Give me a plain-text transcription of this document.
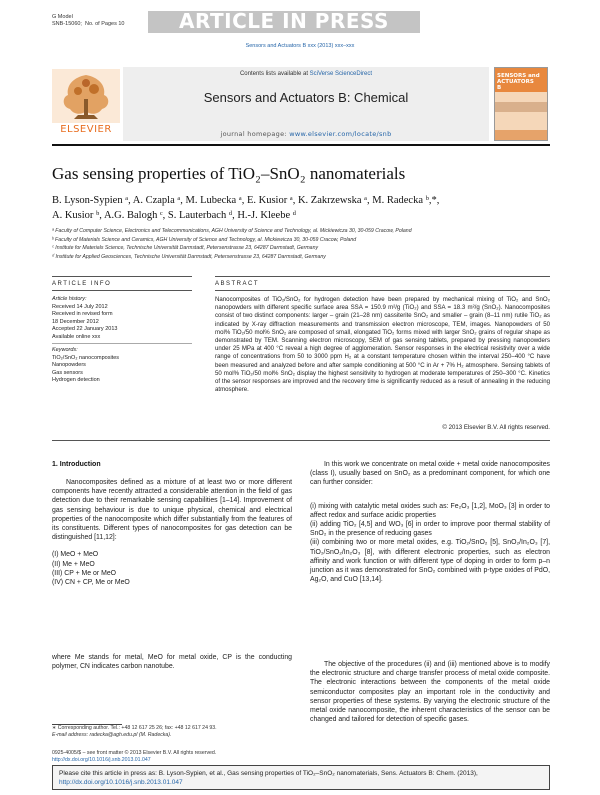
G Model
SNB-15060; No. of Pages 10	ARTICLE IN PRESS
Sensors and Actuators B xxx (2013) xxx–xxx
ELSEVIER
Contents lists available at SciVerse ScienceDirect
Sensors and Actuators B: Chemical
journal homepage: www.elsevier.com/locate/snb
SENSORS and
ACTUATORS
B
Gas sensing properties of TiO₂–SnO₂ nanomaterials
B. Lyson-Sypien ᵃ, A. Czapla ᵃ, M. Lubecka ᵃ, E. Kusior ᵃ, K. Zakrzewska ᵃ, M. Radecka ᵇ,*,
A. Kusior ᵇ, A.G. Balogh ᶜ, S. Lauterbach ᵈ, H.-J. Kleebe ᵈ
ᵃ Faculty of Computer Science, Electronics and Telecommunications, AGH University of Science and Technology, al. Mickiewicza 30, 30-059 Cracow, Poland
ᵇ Faculty of Materials Science and Ceramics, AGH University of Science and Technology, al. Mickiewicza 30, 30-059 Cracow, Poland
ᶜ Institute for Materials Science, Technische Universität Darmstadt, Petersenstrasse 23, 64287 Darmstadt, Germany
ᵈ Institute for Applied Geosciences, Technische Universität Darmstadt, Petersenstrasse 23, 64287 Darmstadt, Germany
ARTICLE INFO	ABSTRACT
Article history:
Received 14 July 2012
Received in revised form
18 December 2012
Accepted 22 January 2013
Available online xxx
Keywords:
TiO₂/SnO₂ nanocomposites
Nanopowders
Gas sensors
Hydrogen detection
Nanocomposites of TiO₂/SnO₂ for hydrogen detection have been prepared by mechanical mixing of TiO₂ and SnO₂ nanopowders with different specific surface area SSA = 150.9 m²/g (TiO₂) and SSA = 18.3 m²/g (SnO₂). Nanocomposites consist of two distinct components: larger – grain (21–28 nm) cassiterite SnO₂ and smaller – grain (8–11 nm) rutile TiO₂ as indicated by X-ray diffraction measurements and transmission electron microscope, TEM, images. Nanopowders of 50 mol% TiO₂/50 mol% SnO₂ are composed of small, elongated TiO₂ forms mixed with larger SnO₂ grains of regular shape as demonstrated by TEM. Scanning electron microscopy, SEM of gas sensing tablets, prepared by pressing nanopowders under 25 MPa at 400 °C reveal a high degree of agglomeration. Sensor responses in the electrical resistivity over a wide range of concentrations from 50 to 3000 ppm H₂ at a constant temperature chosen within the interval 250–400 °C have been measured and analyzed before and after sample conditioning at 500 °C in Ar + 7% H₂ atmosphere. Sensing tablets of 50 mol% TiO₂/50 mol% SnO₂ display the highest sensitivity to hydrogen at moderate temperatures of 250–300 °C. Kinetics of the sensor responses are improved and the recovery time is significantly reduced as a result of annealing in the reducing atmosphere.
© 2013 Elsevier B.V. All rights reserved.
1. Introduction

Nanocomposites defined as a mixture of at least two or more different components have recently attracted a considerable attention in the field of gas detection due to their remarkable sensing capabilities [1–14]. Improvement of gas sensing behaviour is due to unique physical, chemical and electrical properties of the nanocomposite which differ substantially from the features of its constituents. Different types of nanocomposites for gas detection can be distinguished [11,12]:

(I) MeO + MeO
(II) Me + MeO
(III) CP + Me or MeO
(IV) CN + CP, Me or MeO

where Me stands for metal, MeO for metal oxide, CP is the conducting polymer, CN indicates carbon nanotube.

In this work we concentrate on metal oxide + metal oxide nanocomposites (class I), usually based on SnO₂ as a predominant component, for which one can further consider:

(i) mixing with catalytic metal oxides such as: Fe₂O₃ [1,2], MoO₃ [3] in order to affect redox and surface acidic properties
(ii) adding TiO₂ [4,5] and WO₃ [6] in order to improve poor thermal stability of SnO₂ in the presence of reducing gases
(iii) combining two or more metal oxides, e.g. TiO₂/SnO₂ [5], SnO₂/In₂O₃ [7], TiO₂/SnO₂/In₂O₃ [8], with different electronic properties, such as electron affinity and work function or with different type of doping in order to form p–n junction as it was demonstrated for SnO₂ combined with p-type oxides of PdO, Ag₂O, and CuO [13,14].

The objective of the procedures (ii) and (iii) mentioned above is to modify the electronic structure and charge transfer process of metal oxide composite. The electronic interactions between the components of the metal oxide semiconductor composites play an important role in the conductivity and sensor properties of these systems. By varying the electronic structure of the metal oxide nanocomposite, the inherent characteristics of the sensor can be changed and tailored for detection of specific gases.

∗ Corresponding author. Tel.: +48 12 617 25 26; fax: +48 12 617 24 93.
E-mail address: radecka@agh.edu.pl (M. Radecka).
0925-4005/$ – see front matter © 2013 Elsevier B.V. All rights reserved.
http://dx.doi.org/10.1016/j.snb.2013.01.047
Please cite this article in press as: B. Lyson-Sypien, et al., Gas sensing properties of TiO₂–SnO₂ nanomaterials, Sens. Actuators B: Chem. (2013), http://dx.doi.org/10.1016/j.snb.2013.01.047
